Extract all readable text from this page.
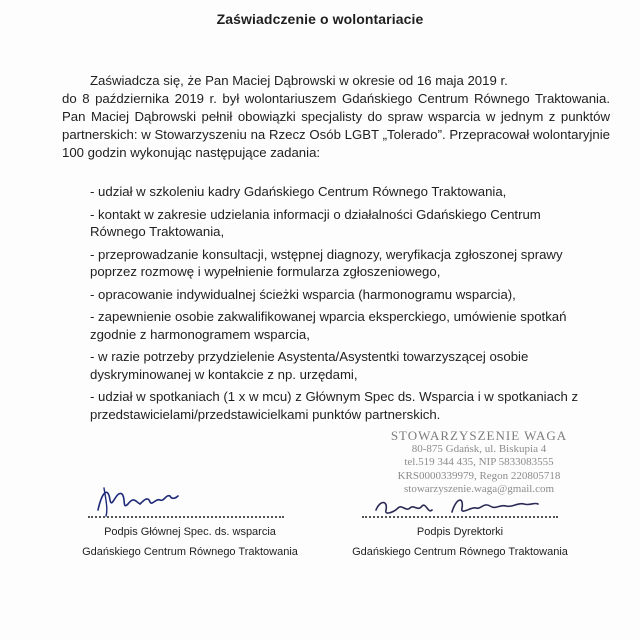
Zaświadczenie o wolontariacie
Zaświadcza się, że Pan Maciej Dąbrowski w okresie od 16 maja 2019 r.
do 8 października 2019 r. był wolontariuszem Gdańskiego Centrum Równego Traktowania. Pan Maciej Dąbrowski pełnił obowiązki specjalisty do spraw wsparcia w jednym z punktów partnerskich: w Stowarzyszeniu na Rzecz Osób LGBT „Tolerado”. Przepracował wolontaryjnie 100 godzin wykonując następujące zadania:
- udział w szkoleniu kadry Gdańskiego Centrum Równego Traktowania,
- kontakt w zakresie udzielania informacji o działalności Gdańskiego Centrum Równego Traktowania,
- przeprowadzanie konsultacji, wstępnej diagnozy, weryfikacja zgłoszonej sprawy poprzez rozmowę i wypełnienie formularza zgłoszeniowego,
- opracowanie indywidualnej ścieżki wsparcia (harmonogramu wsparcia),
- zapewnienie osobie zakwalifikowanej wparcia eksperckiego, umówienie spotkań zgodnie z harmonogramem wsparcia,
- w razie potrzeby przydzielenie Asystenta/Asystentki towarzyszącej osobie dyskryminowanej w kontakcie z np. urzędami,
- udział w spotkaniach (1 x w mcu) z Głównym Spec ds. Wsparcia i w spotkaniach z przedstawicielami/przedstawicielkami punktów partnerskich.
STOWARZYSZENIE WAGA
80-875 Gdańsk, ul. Biskupia 4
tel.519 344 435, NIP 5833083555
KRS0000339979, Regon 220805718
stowarzyszenie.waga@gmail.com
Podpis Głównej Spec. ds. wsparcia
Gdańskiego Centrum Równego Traktowania
Podpis Dyrektorki
Gdańskiego Centrum Równego Traktowania
